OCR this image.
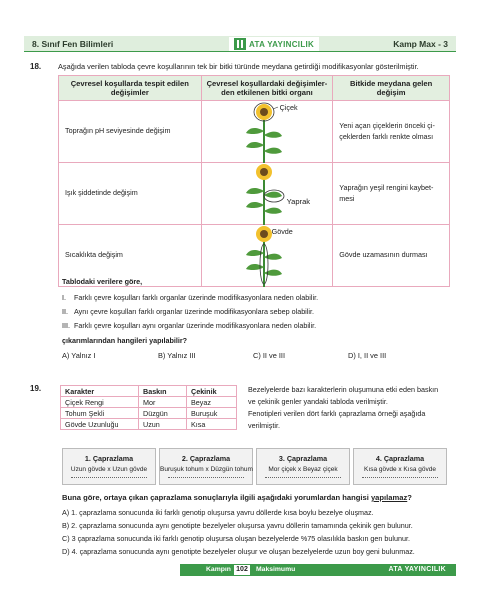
8. Sınıf Fen Bilimleri	ATA YAYINCILIK	Kamp Max - 3
18. Aşağıda verilen tabloda çevre koşullarının tek bir bitki türünde meydana getirdiği modifikasyonlar gösterilmiştir.
Çevresel koşullarda tespit edilen değişimler	Çevresel koşullardaki değişimler-den etkilenen bitki organı	Bitkide meydana gelen değişim
Toprağın pH seviyesinde değişim	Çiçek	Yeni açan çiçeklerin önceki çi-çeklerden farklı renkte olması
Işık şiddetinde değişim	Yaprak	Yaprağın yeşil rengini kaybet-mesi
Sıcaklıkta değişim	Gövde	Gövde uzamasının durması
Tablodaki verilere göre,
I. Farklı çevre koşulları farklı organlar üzerinde modifikasyonlara neden olabilir.
II. Aynı çevre koşulları farklı organlar üzerinde modifikasyonlara sebep olabilir.
III. Farklı çevre koşulları aynı organlar üzerinde modifikasyonlara neden olabilir.
çıkarımlarından hangileri yapılabilir?
A) Yalnız I	B) Yalnız III	C) II ve III	D) I, II ve III
19.	Karakter	Baskın	Çekinik
Çiçek Rengi	Mor	Beyaz
Tohum Şekli	Düzgün	Buruşuk
Gövde Uzunluğu	Uzun	Kısa
Bezelyelerde bazı karakterlerin oluşumuna etki eden baskın
ve çekinik genler yandaki tabloda verilmiştir.
Fenotipleri verilen dört farklı çaprazlama örneği aşağıda
verilmiştir.
1. Çaprazlama
Uzun gövde x Uzun gövde
2. Çaprazlama
Buruşuk tohum x Düzgün tohum
3. Çaprazlama
Mor çiçek x Beyaz çiçek
4. Çaprazlama
Kısa gövde x Kısa gövde
Buna göre, ortaya çıkan çaprazlama sonuçlarıyla ilgili aşağıdaki yorumlardan hangisi yapılamaz?
A) 1. çaprazlama sonucunda iki farklı genotip oluşursa yavru döllerde kısa boylu bezelye oluşmaz.
B) 2. çaprazlama sonucunda aynı genotipte bezelyeler oluşursa yavru döllerin tamamında çekinik gen bulunur.
C) 3 çaprazlama sonucunda iki farklı genotip oluşursa oluşan bezelyelerde %75 olasılıkla baskın gen bulunur.
D) 4. çaprazlama sonucunda aynı genotipte bezelyeler oluşur ve oluşan bezelyelerde uzun boy geni bulunmaz.
Kampın 102	Maksimumu	ATA YAYINCILIK
